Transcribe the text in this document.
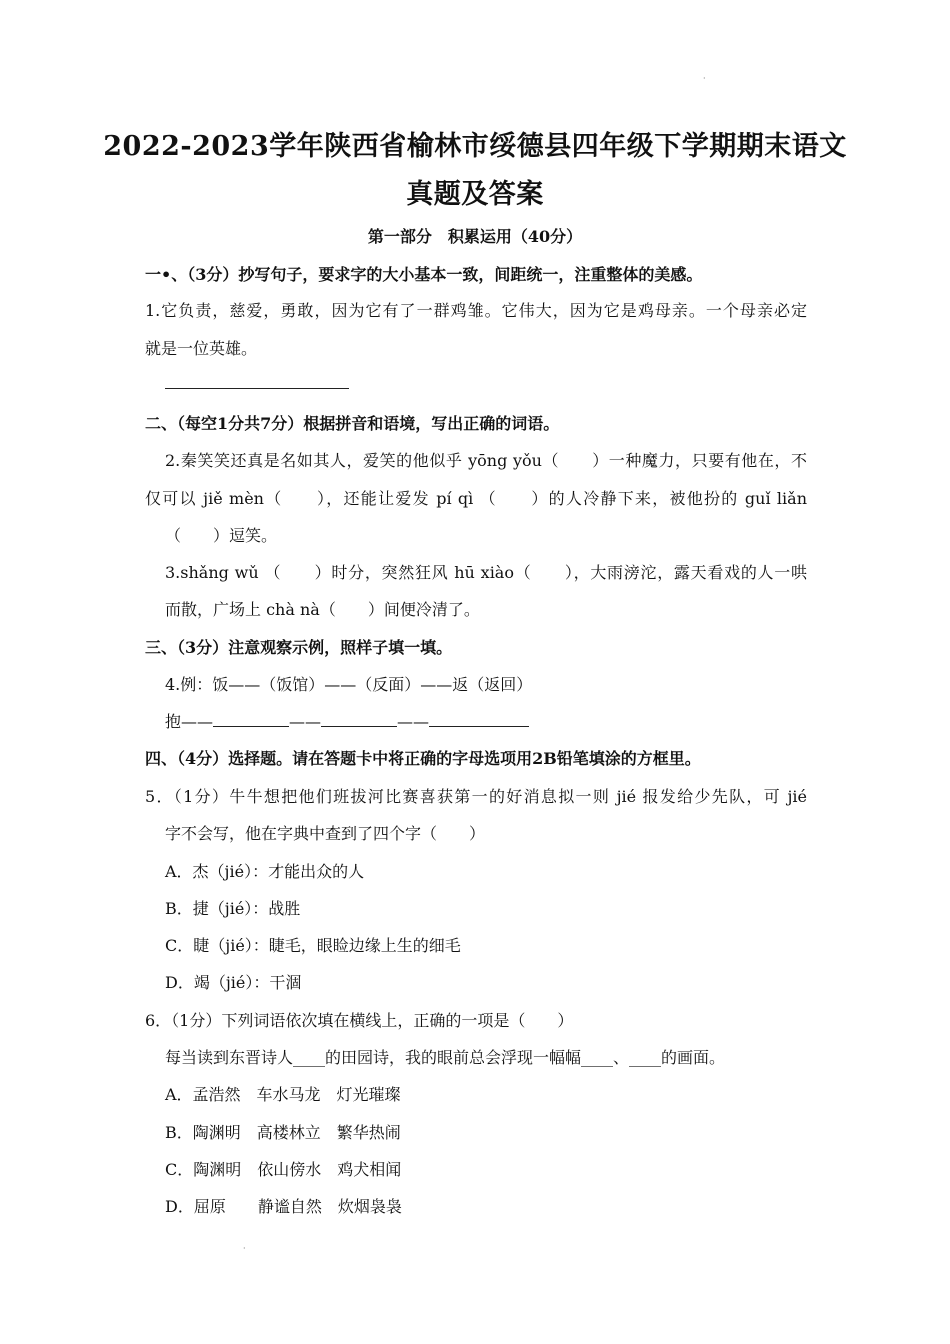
·
2022-2023学年陕西省榆林市绥德县四年级下学期期末语文
真题及答案
第一部分　积累运用（40分）
一•、（3分）抄写句子，要求字的大小基本一致，间距统一，注重整体的美感。
1.它负责，慈爱，勇敢，因为它有了一群鸡雏。它伟大，因为它是鸡母亲。一个母亲必定
就是一位英雄。
二、（每空1分共7分）根据拼音和语境，写出正确的词语。
2.秦笑笑还真是名如其人，爱笑的他似乎 yōng yǒu（　　）一种魔力，只要有他在，不
仅可以 jiě mèn（　　），还能让爱发 pí qì （　　）的人冷静下来，被他扮的 guǐ liǎn
（　　）逗笑。
3.shǎng wǔ （　　）时分，突然狂风 hū xiào（　　），大雨滂沱，露天看戏的人一哄
而散，广场上 chà nà（　　）间便冷清了。
三、（3分）注意观察示例，照样子填一填。
4.例：饭——（饭馆）——（反面）——返（返回）
抱——	——	——
四、（4分）选择题。请在答题卡中将正确的字母选项用2B铅笔填涂的方框里。
5．（1分）牛牛想把他们班拔河比赛喜获第一的好消息拟一则 jié 报发给少先队，可 jié
字不会写，他在字典中查到了四个字（　　）
A．杰（jié）：才能出众的人
B．捷（jié）：战胜
C．睫（jié）：睫毛，眼睑边缘上生的细毛
D．竭（jié）：干涸
6．（1分）下列词语依次填在横线上，正确的一项是（　　）
每当读到东晋诗人____的田园诗，我的眼前总会浮现一幅幅____、____的画面。
A．孟浩然　车水马龙　灯光璀璨
B．陶渊明　高楼林立　繁华热闹
C．陶渊明　依山傍水　鸡犬相闻
D．屈原　　静谧自然　炊烟袅袅
·
